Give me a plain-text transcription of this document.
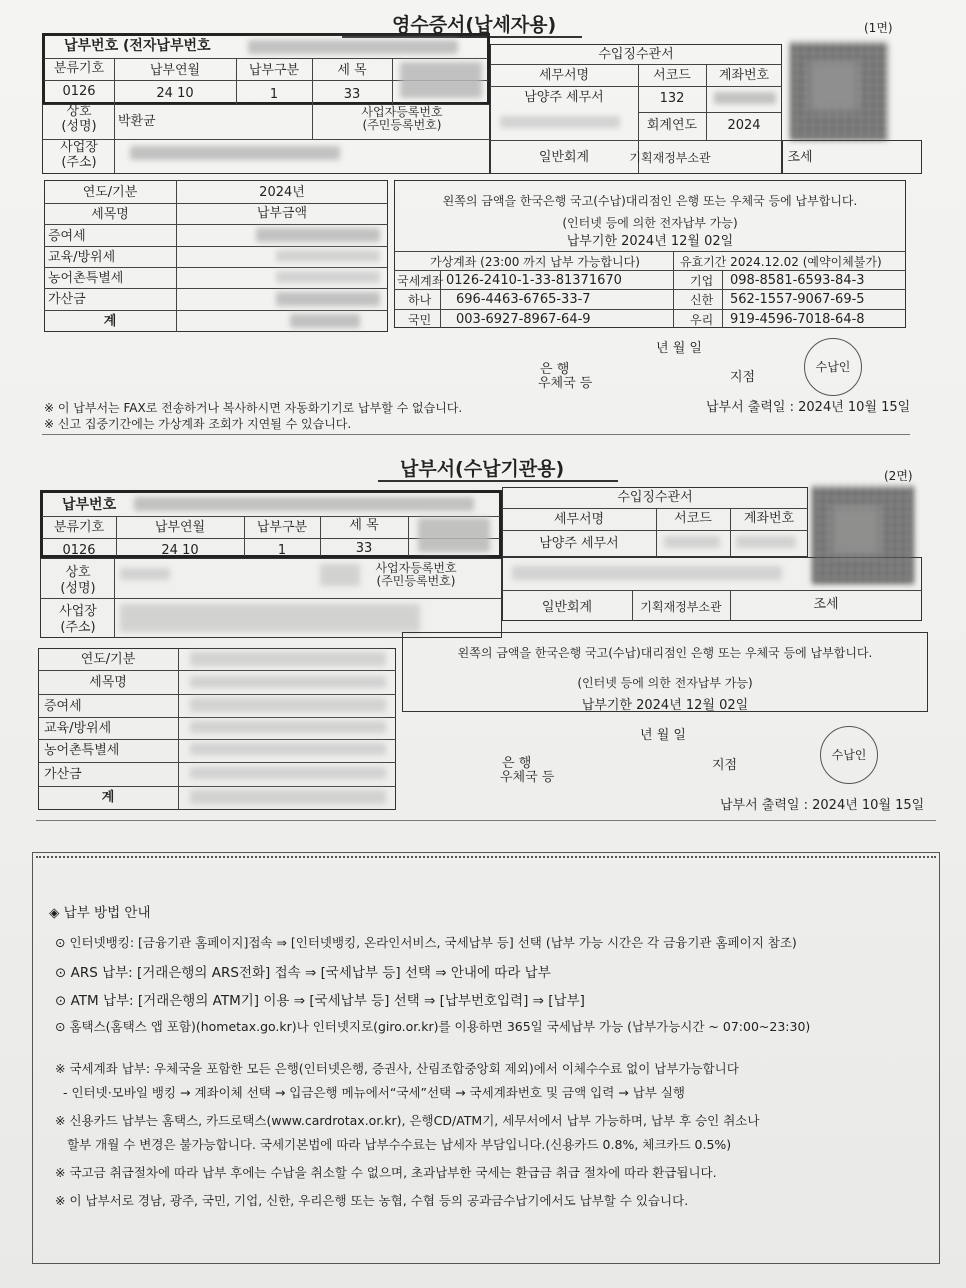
영수증서(납세자용)	(1면)
납부번호 (전자납부번호
분류기호	납부연월	납부구분	세 목
0126	24 10	1	33
상호
(성명)	박환균
사업자등록번호
(주민등록번호)
사업장
(주소)
수입징수관서
세무서명	서코드	계좌번호
남양주 세무서	132
회계연도	2024
일반회계	기획재정부소관	조세
연도/기분	2024년
세목명	납부금액
증여세
교육/방위세
농어촌특별세
가산금
계
왼쪽의 금액을 한국은행 국고(수납)대리점인 은행 또는 우체국 등에 납부합니다.
(인터넷 등에 의한 전자납부 가능)
납부기한 2024년 12월 02일
가상계좌 (23:00 까지 납부 가능합니다)	유효기간 2024.12.02 (예약이체불가)
국세계좌 0126-2410-1-33-81371670
하나 696-4463-6765-33-7
국민 003-6927-8967-64-9
기업 098-8581-6593-84-3
신한 562-1557-9067-69-5
우리 919-4596-7018-64-8
년 월 일
은 행
우체국 등	지점
수납인
※ 이 납부서는 FAX로 전송하거나 복사하시면 자동화기기로 납부할 수 없습니다.
※ 신고 집중기간에는 가상계좌 조회가 지연될 수 있습니다.
납부서 출력일 : 2024년 10월 15일
납부서(수납기관용)	(2면)
납부번호
분류기호	납부연월	납부구분	세 목
0126	24 10	1	33
상호
(성명)
사업자등록번호
(주민등록번호)
사업장
(주소)
수입징수관서
세무서명	서코드	계좌번호
남양주 세무서
일반회계	기획재정부소관	조세
연도/기분
세목명
증여세
교육/방위세
농어촌특별세
가산금
계
왼쪽의 금액을 한국은행 국고(수납)대리점인 은행 또는 우체국 등에 납부합니다.
(인터넷 등에 의한 전자납부 가능)
납부기한 2024년 12월 02일
년 월 일
은 행
우체국 등
지점
수납인
납부서 출력일 : 2024년 10월 15일
◈ 납부 방법 안내
⊙ 인터넷뱅킹: [금융기관 홈페이지]접속 ⇒ [인터넷뱅킹, 온라인서비스, 국세납부 등] 선택 (납부 가능 시간은 각 금융기관 홈페이지 참조)
⊙ ARS 납부: [거래은행의 ARS전화] 접속 ⇒ [국세납부 등] 선택 ⇒ 안내에 따라 납부
⊙ ATM 납부: [거래은행의 ATM기] 이용 ⇒ [국세납부 등] 선택 ⇒ [납부번호입력] ⇒ [납부]
⊙ 홈택스(홈택스 앱 포함)(hometax.go.kr)나 인터넷지로(giro.or.kr)를 이용하면 365일 국세납부 가능 (납부가능시간 ~ 07:00~23:30)
※ 국세계좌 납부: 우체국을 포함한 모든 은행(인터넷은행, 증권사, 산림조합중앙회 제외)에서 이체수수료 없이 납부가능합니다
- 인터넷·모바일 뱅킹 → 계좌이체 선택 → 입금은행 메뉴에서“국세”선택 → 국세계좌번호 및 금액 입력 → 납부 실행
※ 신용카드 납부는 홈택스, 카드로택스(www.cardrotax.or.kr), 은행CD/ATM기, 세무서에서 납부 가능하며, 납부 후 승인 취소나
할부 개월 수 변경은 불가능합니다. 국세기본법에 따라 납부수수료는 납세자 부담입니다.(신용카드 0.8%, 체크카드 0.5%)
※ 국고금 취급절차에 따라 납부 후에는 수납을 취소할 수 없으며, 초과납부한 국세는 환급금 취급 절차에 따라 환급됩니다.
※ 이 납부서로 경남, 광주, 국민, 기업, 신한, 우리은행 또는 농협, 수협 등의 공과금수납기에서도 납부할 수 있습니다.
